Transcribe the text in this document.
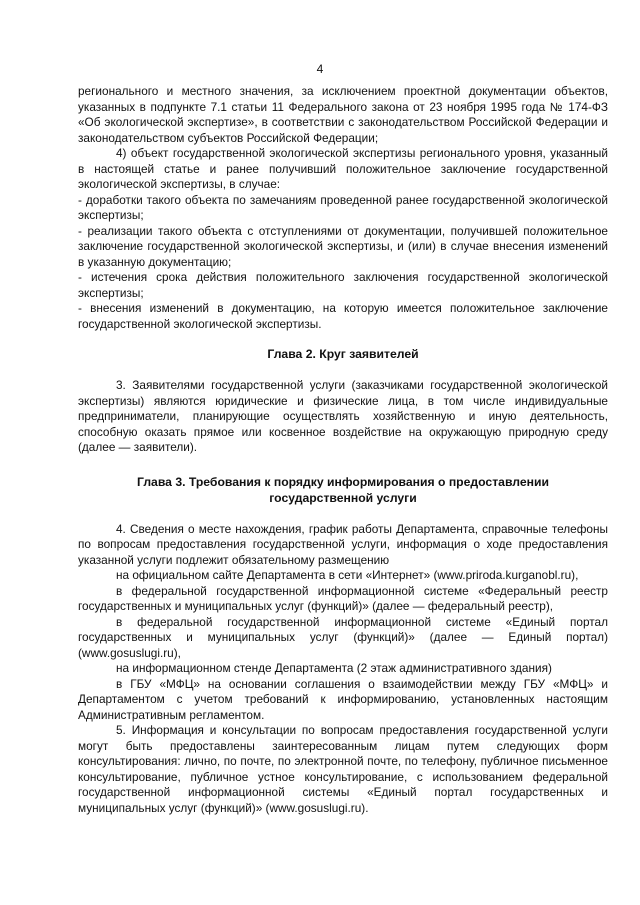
4

регионального и местного значения, за исключением проектной документации объектов, указанных в подпункте 7.1 статьи 11 Федерального закона от 23 ноября 1995 года № 174-ФЗ «Об экологической экспертизе», в соответствии с законодательством Российской Федерации и законодательством субъектов Российской Федерации;

4) объект государственной экологической экспертизы регионального уровня, указанный в настоящей статье и ранее получивший положительное заключение государственной экологической экспертизы, в случае:

- доработки такого объекта по замечаниям проведенной ранее государственной экологической экспертизы;

- реализации такого объекта с отступлениями от документации, получившей положительное заключение государственной экологической экспертизы, и (или) в случае внесения изменений в указанную документацию;

- истечения срока действия положительного заключения государственной экологической экспертизы;

- внесения изменений в документацию, на которую имеется положительное заключение государственной экологической экспертизы.

Глава 2. Круг заявителей

3. Заявителями государственной услуги (заказчиками государственной экологической экспертизы) являются юридические и физические лица, в том числе индивидуальные предприниматели, планирующие осуществлять хозяйственную и иную деятельность, способную оказать прямое или косвенное воздействие на окружающую природную среду (далее — заявители).

Глава 3. Требования к порядку информирования о предоставлении государственной услуги

4. Сведения о месте нахождения, график работы Департамента, справочные телефоны по вопросам предоставления государственной услуги, информация о ходе предоставления указанной услуги подлежит обязательному размещению

на официальном сайте Департамента в сети «Интернет» (www.priroda.kurganobl.ru),

в федеральной государственной информационной системе «Федеральный реестр государственных и муниципальных услуг (функций)» (далее — федеральный реестр),

в федеральной государственной информационной системе «Единый портал государственных и муниципальных услуг (функций)» (далее — Единый портал) (www.gosuslugi.ru),

на информационном стенде Департамента (2 этаж административного здания)

в ГБУ «МФЦ» на основании соглашения о взаимодействии между ГБУ «МФЦ» и Департаментом с учетом требований к информированию, установленных настоящим Административным регламентом.

5. Информация и консультации по вопросам предоставления государственной услуги могут быть предоставлены заинтересованным лицам путем следующих форм консультирования: лично, по почте, по электронной почте, по телефону, публичное письменное консультирование, публичное устное консультирование, с использованием федеральной государственной информационной системы «Единый портал государственных и муниципальных услуг (функций)» (www.gosuslugi.ru).
